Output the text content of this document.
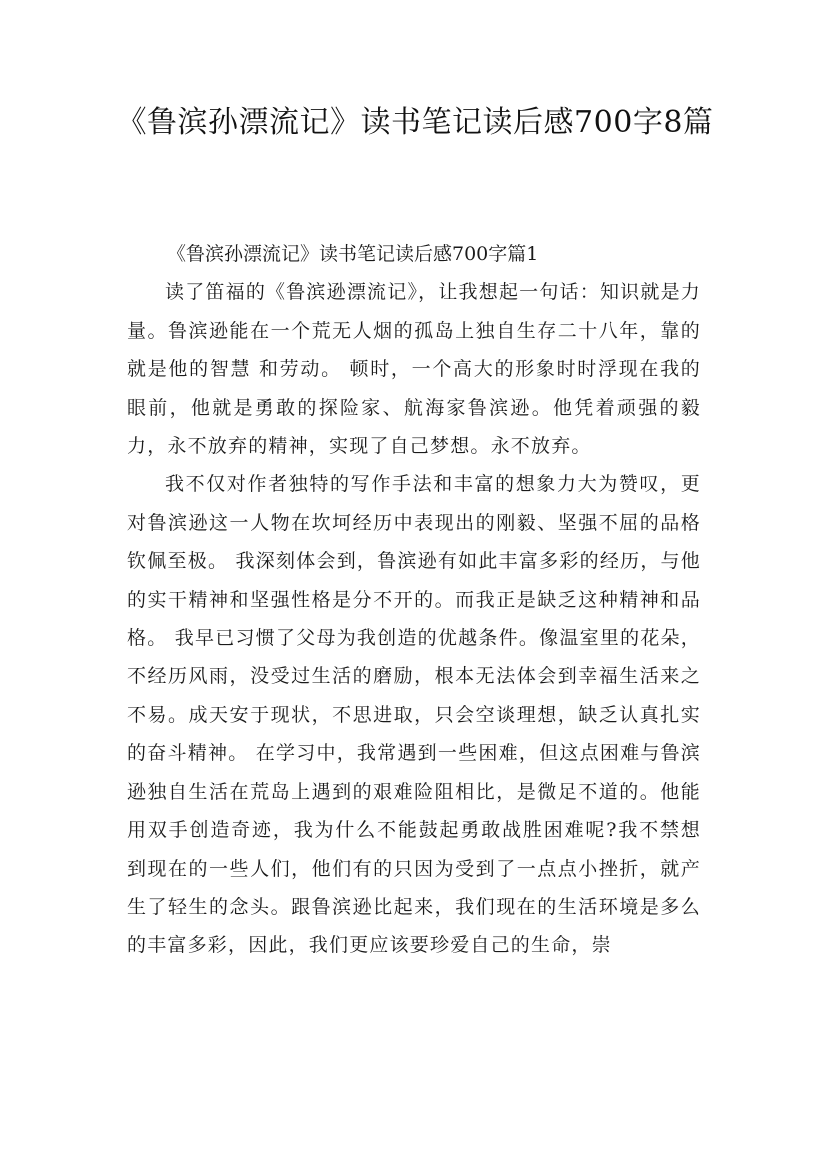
《鲁滨孙漂流记》读书笔记读后感700字8篇
《鲁滨孙漂流记》读书笔记读后感700字篇1

读了笛福的《鲁滨逊漂流记》，让我想起一句话：知识就是力量。鲁滨逊能在一个荒无人烟的孤岛上独自生存二十八年，靠的就是他的智慧 和劳动。 顿时，一个高大的形象时时浮现在我的眼前，他就是勇敢的探险家、航海家鲁滨逊。他凭着顽强的毅力，永不放弃的精神，实现了自己梦想。永不放弃。

我不仅对作者独特的写作手法和丰富的想象力大为赞叹，更对鲁滨逊这一人物在坎坷经历中表现出的刚毅、坚强不屈的品格钦佩至极。 我深刻体会到，鲁滨逊有如此丰富多彩的经历，与他的实干精神和坚强性格是分不开的。而我正是缺乏这种精神和品格。 我早已习惯了父母为我创造的优越条件。像温室里的花朵，不经历风雨，没受过生活的磨励，根本无法体会到幸福生活来之不易。成天安于现状，不思进取，只会空谈理想，缺乏认真扎实的奋斗精神。 在学习中，我常遇到一些困难，但这点困难与鲁滨逊独自生活在荒岛上遇到的艰难险阻相比，是微足不道的。他能用双手创造奇迹，我为什么不能鼓起勇敢战胜困难呢?我不禁想到现在的一些人们，他们有的只因为受到了一点点小挫折，就产生了轻生的念头。跟鲁滨逊比起来，我们现在的生活环境是多么的丰富多彩，因此，我们更应该要珍爱自己的生命，崇
